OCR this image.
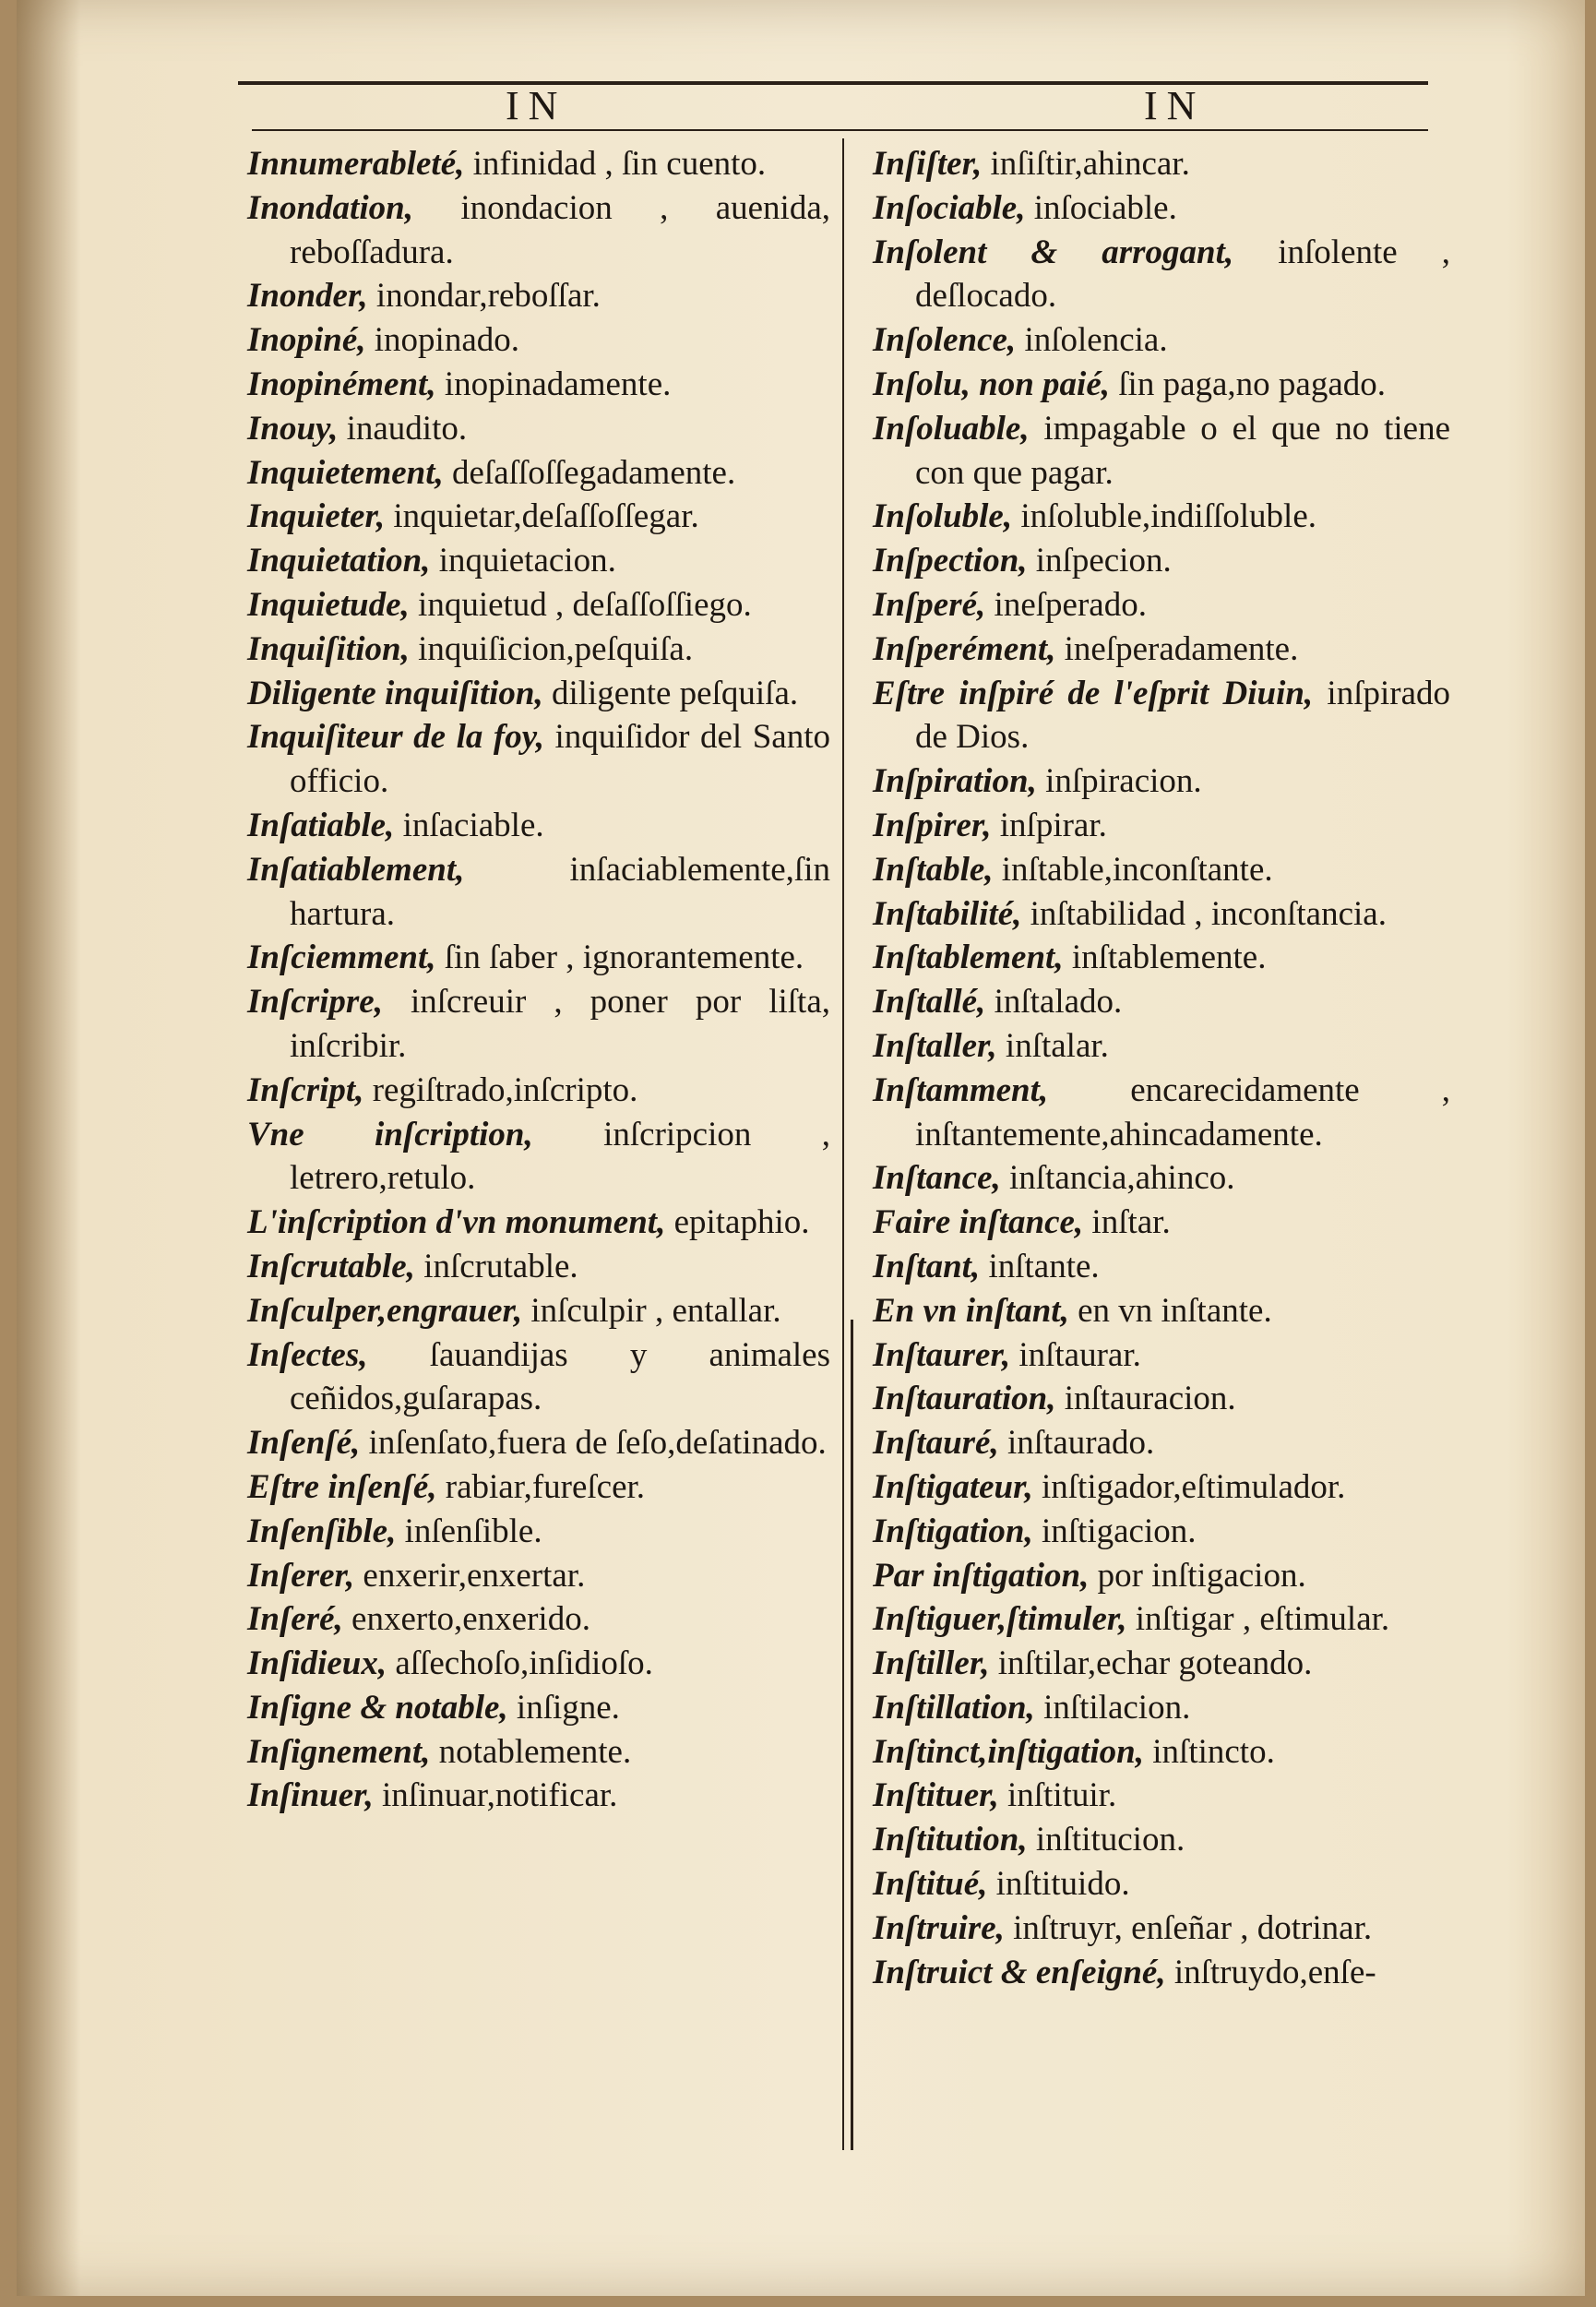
IN	IN
Innumerableté, infinidad , ſin cuento.
Inondation, inondacion , auenida, reboſſadura.
Inonder, inondar,reboſſar.
Inopiné, inopinado.
Inopinément, inopinadamente.
Inouy, inaudito.
Inquietement, deſaſſoſſegadamente.
Inquieter, inquietar,deſaſſoſſegar.
Inquietation, inquietacion.
Inquietude, inquietud , deſaſſoſſiego.
Inquiſition, inquiſicion,peſquiſa.
Diligente inquiſition, diligente peſquiſa.
Inquiſiteur de la foy, inquiſidor del Santo officio.
Inſatiable, inſaciable.
Inſatiablement, inſaciablemente,ſin hartura.
Inſciemment, ſin ſaber , ignorantemente.
Inſcripre, inſcreuir , poner por liſta, inſcribir.
Inſcript, regiſtrado,inſcripto.
Vne inſcription, inſcripcion , letrero,retulo.
L'inſcription d'vn monument, epitaphio.
Inſcrutable, inſcrutable.
Inſculper,engrauer, inſculpir , entallar.
Inſectes, ſauandijas y animales ceñidos,guſarapas.
Inſenſé, inſenſato,fuera de ſeſo,deſatinado.
Eſtre inſenſé, rabiar,fureſcer.
Inſenſible, inſenſible.
Inſerer, enxerir,enxertar.
Inſeré, enxerto,enxerido.
Inſidieux, aſſechoſo,inſidioſo.
Inſigne & notable, inſigne.
Inſignement, notablemente.
Inſinuer, inſinuar,notificar.
Inſiſter, inſiſtir,ahincar.
Inſociable, inſociable.
Inſolent & arrogant, inſolente , deſlocado.
Inſolence, inſolencia.
Inſolu, non paié, ſin paga,no pagado.
Inſoluable, impagable o el que no tiene con que pagar.
Inſoluble, inſoluble,indiſſoluble.
Inſpection, inſpecion.
Inſperé, ineſperado.
Inſperément, ineſperadamente.
Eſtre inſpiré de l'eſprit Diuin, inſpirado de Dios.
Inſpiration, inſpiracion.
Inſpirer, inſpirar.
Inſtable, inſtable,inconſtante.
Inſtabilité, inſtabilidad , inconſtancia.
Inſtablement, inſtablemente.
Inſtallé, inſtalado.
Inſtaller, inſtalar.
Inſtamment, encarecidamente , inſtantemente,ahincadamente.
Inſtance, inſtancia,ahinco.
Faire inſtance, inſtar.
Inſtant, inſtante.
En vn inſtant, en vn inſtante.
Inſtaurer, inſtaurar.
Inſtauration, inſtauracion.
Inſtauré, inſtaurado.
Inſtigateur, inſtigador,eſtimulador.
Inſtigation, inſtigacion.
Par inſtigation, por inſtigacion.
Inſtiguer,ſtimuler, inſtigar , eſtimular.
Inſtiller, inſtilar,echar goteando.
Inſtillation, inſtilacion.
Inſtinct,inſtigation, inſtincto.
Inſtituer, inſtituir.
Inſtitution, inſtitucion.
Inſtitué, inſtituido.
Inſtruire, inſtruyr, enſeñar , dotrinar.
Inſtruict & enſeigné, inſtruydo,enſe-
